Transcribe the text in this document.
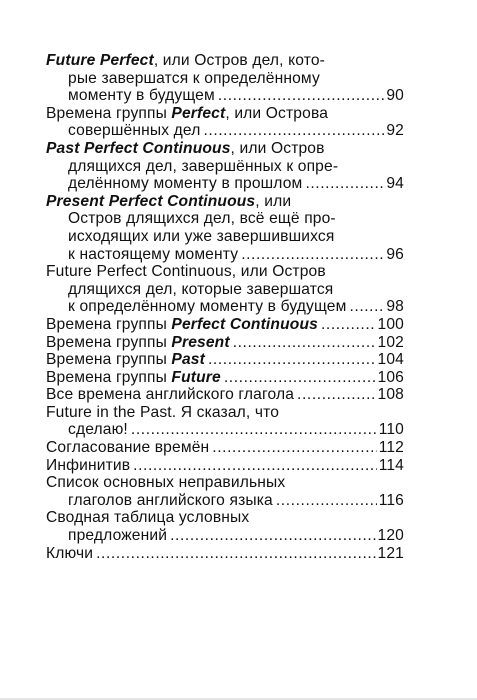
Future Perfect, или Остров дел, кото-
рые завершатся к определённому
моменту в будущем .....	90
Времена группы Perfect, или Острова
совершённых дел .....	92
Past Perfect Continuous, или Остров
длящихся дел, завершённых к опре-
делённому моменту в прошлом .....	94
Present Perfect Continuous, или
Остров длящихся дел, всё ещё про-
исходящих или уже завершившихся
к настоящему моменту .....	96
Future Perfect Continuous, или Остров
длящихся дел, которые завершатся
к определённому моменту в будущем .....	98
Времена группы Perfect Continuous .....	100
Времена группы Present .....	102
Времена группы Past .....	104
Времена группы Future .....	106
Все времена английского глагола .....	108
Future in the Past. Я сказал, что
сделаю! .....	110
Согласование времён .....	112
Инфинитив .....	114
Список основных неправильных
глаголов английского языка .....	116
Сводная таблица условных
предложений .....	120
Ключи .....	121
